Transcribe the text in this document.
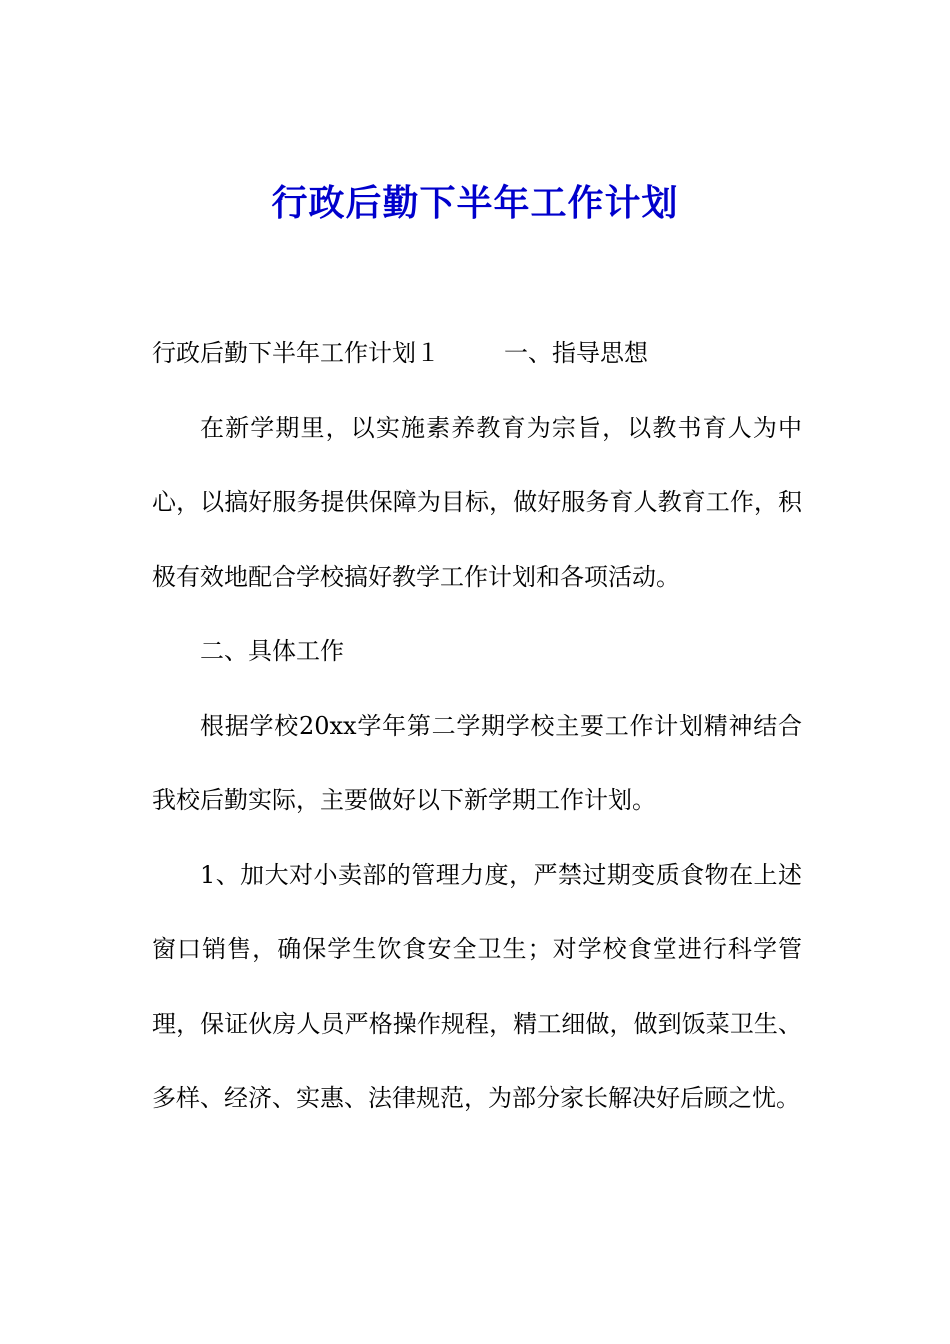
行政后勤下半年工作计划

行政后勤下半年工作计划１	一、指导思想

在新学期里，以实施素养教育为宗旨，以教书育人为中心，以搞好服务提供保障为目标，做好服务育人教育工作，积极有效地配合学校搞好教学工作计划和各项活动。

二、具体工作

根据学校20xx学年第二学期学校主要工作计划精神结合我校后勤实际，主要做好以下新学期工作计划。

1、加大对小卖部的管理力度，严禁过期变质食物在上述窗口销售，确保学生饮食安全卫生；对学校食堂进行科学管理，保证伙房人员严格操作规程，精工细做，做到饭菜卫生、多样、经济、实惠、法律规范，为部分家长解决好后顾之忧。
